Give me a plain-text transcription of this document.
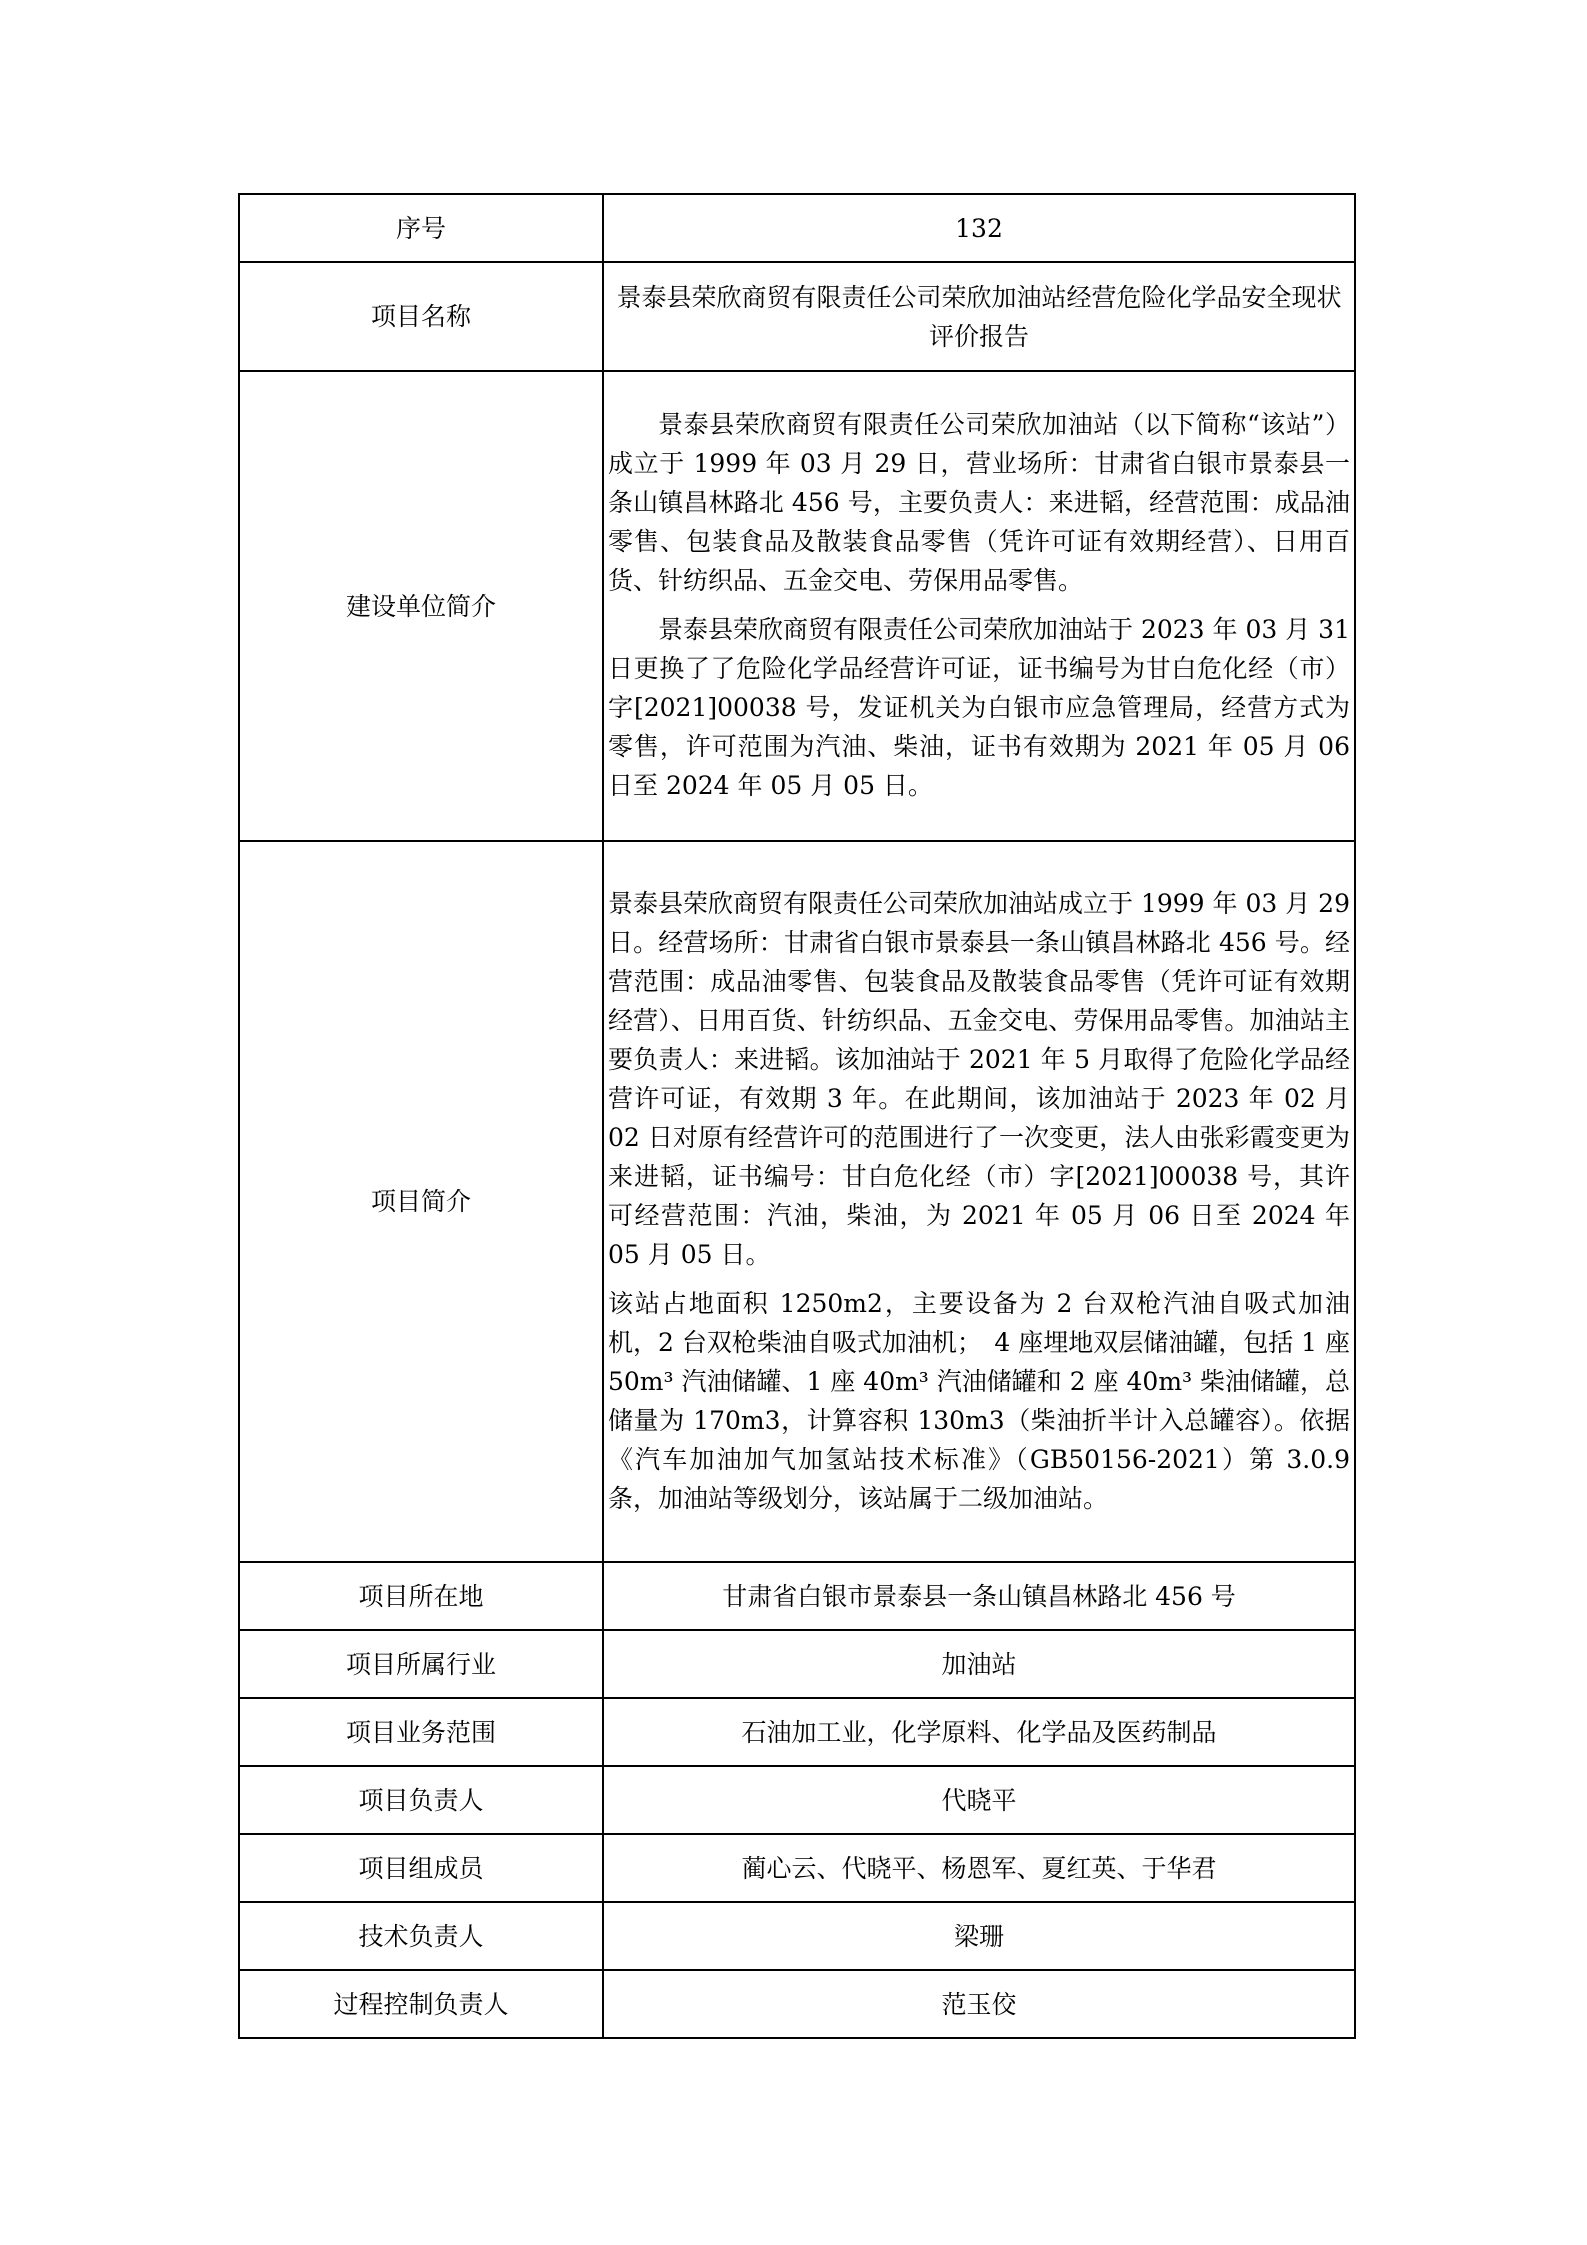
序号	132
项目名称	景泰县荣欣商贸有限责任公司荣欣加油站经营危险化学品安全现状评价报告
建设单位简介	景泰县荣欣商贸有限责任公司荣欣加油站（以下简称“该站”）成立于 1999 年 03 月 29 日，营业场所：甘肃省白银市景泰县一条山镇昌林路北 456 号，主要负责人：来进韬，经营范围：成品油零售、包装食品及散装食品零售（凭许可证有效期经营）、日用百货、针纺织品、五金交电、劳保用品零售。

景泰县荣欣商贸有限责任公司荣欣加油站于 2023 年 03 月 31 日更换了了危险化学品经营许可证，证书编号为甘白危化经（市）字[2021]00038 号，发证机关为白银市应急管理局，经营方式为零售，许可范围为汽油、柴油，证书有效期为 2021 年 05 月 06 日至 2024 年 05 月 05 日。

项目简介	景泰县荣欣商贸有限责任公司荣欣加油站成立于 1999 年 03 月 29 日。经营场所：甘肃省白银市景泰县一条山镇昌林路北 456 号。经营范围：成品油零售、包装食品及散装食品零售（凭许可证有效期经营）、日用百货、针纺织品、五金交电、劳保用品零售。加油站主要负责人：来进韬。该加油站于 2021 年 5 月取得了危险化学品经营许可证，有效期 3 年。在此期间，该加油站于 2023 年 02 月 02 日对原有经营许可的范围进行了一次变更，法人由张彩霞变更为来进韬，证书编号：甘白危化经（市）字[2021]00038 号，其许可经营范围：汽油，柴油，为 2021 年 05 月 06 日至 2024 年 05 月 05 日。

该站占地面积 1250m2，主要设备为 2 台双枪汽油自吸式加油机，2 台双枪柴油自吸式加油机；　4 座埋地双层储油罐，包括 1 座 50m³ 汽油储罐、1 座 40m³ 汽油储罐和 2 座 40m³ 柴油储罐，总储量为 170m3，计算容积 130m3（柴油折半计入总罐容）。依据《汽车加油加气加氢站技术标准》（GB50156-2021）第 3.0.9 条，加油站等级划分，该站属于二级加油站。

项目所在地	甘肃省白银市景泰县一条山镇昌林路北 456 号
项目所属行业	加油站
项目业务范围	石油加工业，化学原料、化学品及医药制品
项目负责人	代晓平
项目组成员	蔺心云、代晓平、杨恩军、夏红英、于华君
技术负责人	梁珊
过程控制负责人	范玉佼
